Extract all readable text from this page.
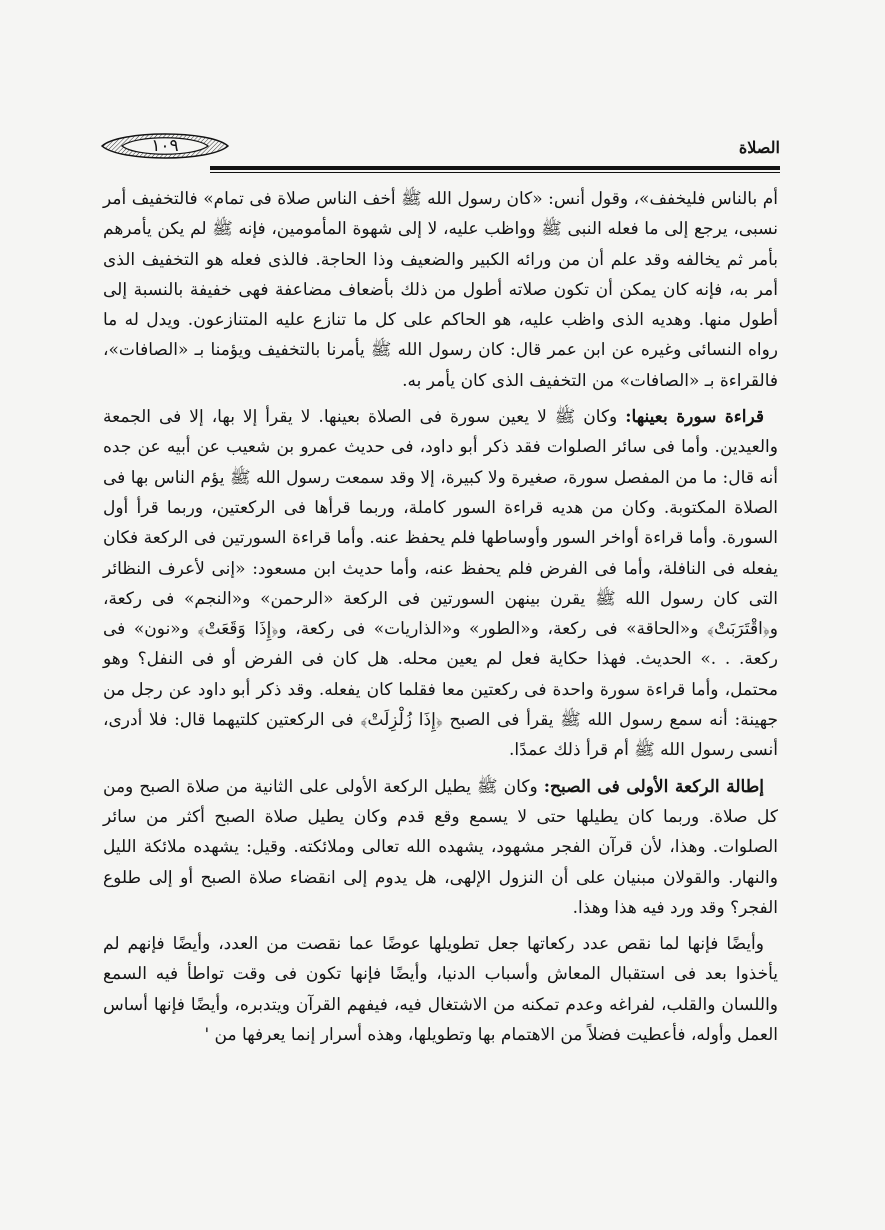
الصلاة
١٠٩

أم بالناس فليخفف»، وقول أنس: «كان رسول الله ﷺ أخف الناس صلاة فى تمام» فالتخفيف أمر نسبى، يرجع إلى ما فعله النبى ﷺ وواظب عليه، لا إلى شهوة المأمومين، فإنه ﷺ لم يكن يأمرهم بأمر ثم يخالفه وقد علم أن من ورائه الكبير والضعيف وذا الحاجة. فالذى فعله هو التخفيف الذى أمر به، فإنه كان يمكن أن تكون صلاته أطول من ذلك بأضعاف مضاعفة فهى خفيفة بالنسبة إلى أطول منها. وهديه الذى واظب عليه، هو الحاكم على كل ما تنازع عليه المتنازعون. ويدل له ما رواه النسائى وغيره عن ابن عمر قال: كان رسول الله ﷺ يأمرنا بالتخفيف ويؤمنا بـ «الصافات»، فالقراءة بـ «الصافات» من التخفيف الذى كان يأمر به.

قراءة سورة بعينها: وكان ﷺ لا يعين سورة فى الصلاة بعينها. لا يقرأ إلا بها، إلا فى الجمعة والعيدين. وأما فى سائر الصلوات فقد ذكر أبو داود، فى حديث عمرو بن شعيب عن أبيه عن جده أنه قال: ما من المفصل سورة، صغيرة ولا كبيرة، إلا وقد سمعت رسول الله ﷺ يؤم الناس بها فى الصلاة المكتوبة. وكان من هديه قراءة السور كاملة، وربما قرأها فى الركعتين، وربما قرأ أول السورة. وأما قراءة أواخر السور وأوساطها فلم يحفظ عنه. وأما قراءة السورتين فى الركعة فكان يفعله فى النافلة، وأما فى الفرض فلم يحفظ عنه، وأما حديث ابن مسعود: «إنى لأعرف النظائر التى كان رسول الله ﷺ يقرن بينهن السورتين فى الركعة «الرحمن» و«النجم» فى ركعة، و﴿اقْتَرَبَتْ﴾ و«الحاقة» فى ركعة، و«الطور» و«الذاريات» فى ركعة، و﴿إِذَا وَقَعَتْ﴾ و«نون» فى ركعة. . .» الحديث. فهذا حكاية فعل لم يعين محله. هل كان فى الفرض أو فى النفل؟ وهو محتمل، وأما قراءة سورة واحدة فى ركعتين معا فقلما كان يفعله. وقد ذكر أبو داود عن رجل من جهينة: أنه سمع رسول الله ﷺ يقرأ فى الصبح ﴿إِذَا زُلْزِلَتْ﴾ فى الركعتين كلتيهما قال: فلا أدرى، أنسى رسول الله ﷺ أم قرأ ذلك عمدًا.

إطالة الركعة الأولى فى الصبح: وكان ﷺ يطيل الركعة الأولى على الثانية من صلاة الصبح ومن كل صلاة. وربما كان يطيلها حتى لا يسمع وقع قدم وكان يطيل صلاة الصبح أكثر من سائر الصلوات. وهذا، لأن قرآن الفجر مشهود، يشهده الله تعالى وملائكته. وقيل: يشهده ملائكة الليل والنهار. والقولان مبنيان على أن النزول الإلهى، هل يدوم إلى انقضاء صلاة الصبح أو إلى طلوع الفجر؟ وقد ورد فيه هذا وهذا.

وأيضًا فإنها لما نقص عدد ركعاتها جعل تطويلها عوضًا عما نقصت من العدد، وأيضًا فإنهم لم يأخذوا بعد فى استقبال المعاش وأسباب الدنيا، وأيضًا فإنها تكون فى وقت تواطأ فيه السمع واللسان والقلب، لفراغه وعدم تمكنه من الاشتغال فيه، فيفهم القرآن ويتدبره، وأيضًا فإنها أساس العمل وأوله، فأعطيت فضلاً من الاهتمام بها وتطويلها، وهذه أسرار إنما يعرفها من '
